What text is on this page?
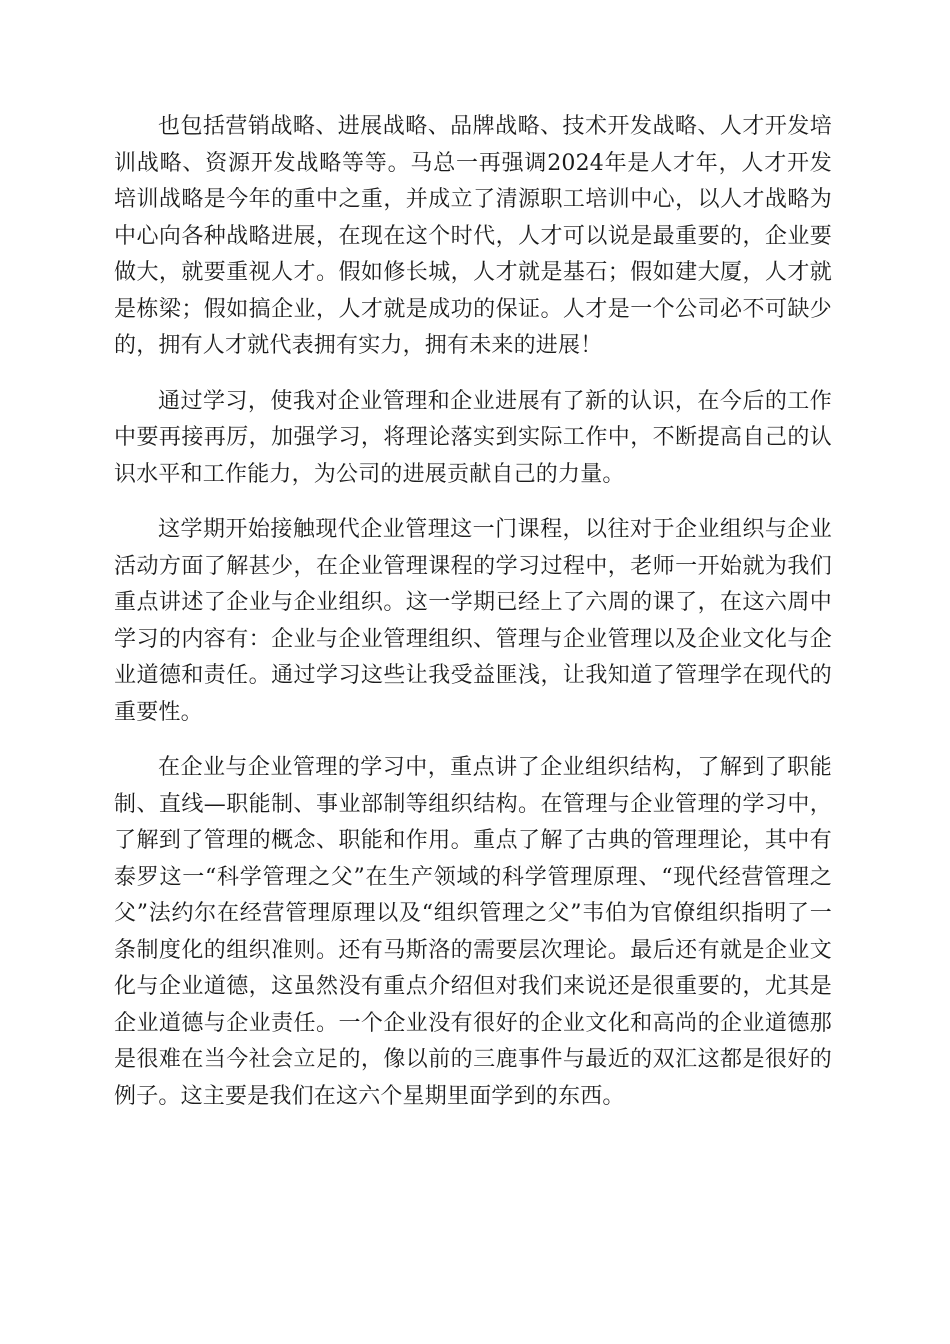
也包括营销战略、进展战略、品牌战略、技术开发战略、人才开发培训战略、资源开发战略等等。马总一再强调2024年是人才年，人才开发培训战略是今年的重中之重，并成立了清源职工培训中心，以人才战略为中心向各种战略进展，在现在这个时代，人才可以说是最重要的，企业要做大，就要重视人才。假如修长城，人才就是基石；假如建大厦，人才就是栋梁；假如搞企业，人才就是成功的保证。人才是一个公司必不可缺少的，拥有人才就代表拥有实力，拥有未来的进展！

通过学习，使我对企业管理和企业进展有了新的认识，在今后的工作中要再接再厉，加强学习，将理论落实到实际工作中，不断提高自己的认识水平和工作能力，为公司的进展贡献自己的力量。

这学期开始接触现代企业管理这一门课程，以往对于企业组织与企业活动方面了解甚少，在企业管理课程的学习过程中，老师一开始就为我们重点讲述了企业与企业组织。这一学期已经上了六周的课了，在这六周中学习的内容有：企业与企业管理组织、管理与企业管理以及企业文化与企业道德和责任。通过学习这些让我受益匪浅，让我知道了管理学在现代的重要性。

在企业与企业管理的学习中，重点讲了企业组织结构，了解到了职能制、直线—职能制、事业部制等组织结构。在管理与企业管理的学习中，了解到了管理的概念、职能和作用。重点了解了古典的管理理论，其中有泰罗这一“科学管理之父”在生产领域的科学管理原理、“现代经营管理之父”法约尔在经营管理原理以及“组织管理之父”韦伯为官僚组织指明了一条制度化的组织准则。还有马斯洛的需要层次理论。最后还有就是企业文化与企业道德，这虽然没有重点介绍但对我们来说还是很重要的，尤其是企业道德与企业责任。一个企业没有很好的企业文化和高尚的企业道德那是很难在当今社会立足的，像以前的三鹿事件与最近的双汇这都是很好的例子。这主要是我们在这六个星期里面学到的东西。
